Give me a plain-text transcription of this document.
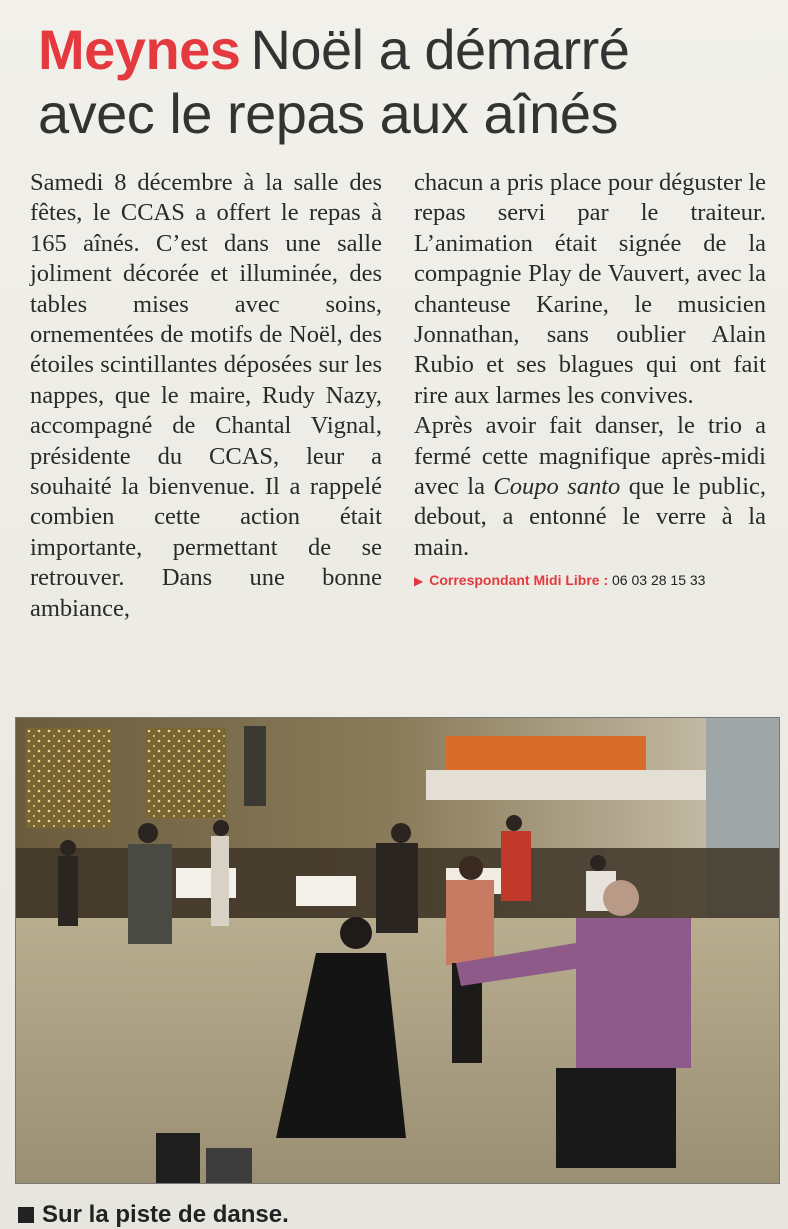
Meynes Noël a démarré
avec le repas aux aînés

Samedi 8 décembre à la salle des fêtes, le CCAS a offert le repas à 165 aînés. C’est dans une salle joliment décorée et illuminée, des tables mises avec soins, ornementées de motifs de Noël, des étoiles scintillantes déposées sur les nappes, que le maire, Rudy Nazy, accompagné de Chantal Vignal, présidente du CCAS, leur a souhaité la bienvenue. Il a rappelé combien cette action était importante, permettant de se retrouver. Dans une bonne ambiance,

chacun a pris place pour déguster le repas servi par le traiteur. L’animation était signée de la compagnie Play de Vauvert, avec la chanteuse Karine, le musicien Jonnathan, sans oublier Alain Rubio et ses blagues qui ont fait rire aux larmes les convives.

Après avoir fait danser, le trio a fermé cette magnifique après-midi avec la Coupo santo que le public, debout, a entonné le verre à la main.

▶ Correspondant Midi Libre : 06 03 28 15 33
Sur la piste de danse.
